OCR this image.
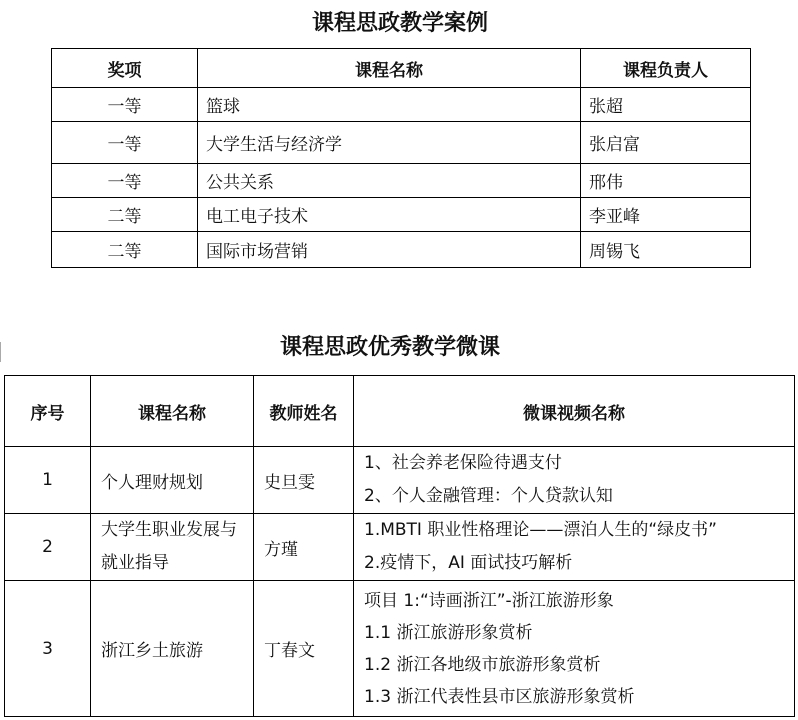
课程思政教学案例
奖项	课程名称	课程负责人
一等	篮球	张超
一等	大学生活与经济学	张启富
一等	公共关系	邢伟
二等	电工电子技术	李亚峰
二等	国际市场营销	周锡飞
课程思政优秀教学微课
序号	课程名称	教师姓名	微课视频名称
1	个人理财规划	史旦雯	1、社会养老保险待遇支付
2、个人金融管理：个人贷款认知

2	大学生职业发展与就业指导	方瑾	1.MBTI 职业性格理论——漂泊人生的“绿皮书”
2.疫情下，AI 面试技巧解析

3	浙江乡土旅游	丁春文	项目 1:“诗画浙江”-浙江旅游形象
1.1 浙江旅游形象赏析
1.2 浙江各地级市旅游形象赏析
1.3 浙江代表性县市区旅游形象赏析
